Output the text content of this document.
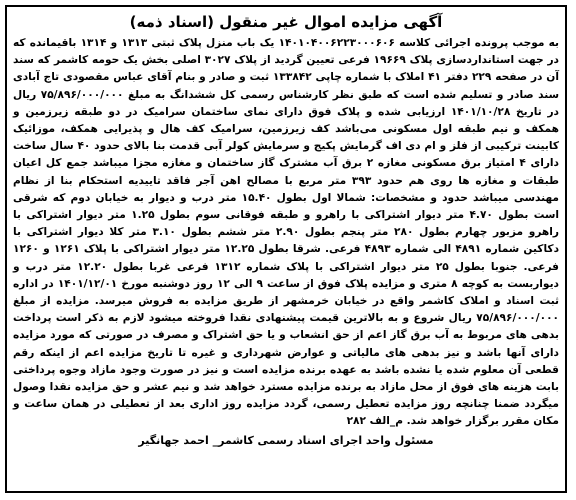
آگهی مزایده اموال غیر منقول (اسناد ذمه)

به موجب پرونده اجرائی کلاسه ۱۴۰۱۰۴۰۰۶۲۲۳۰۰۰۶۰۶ یک باب منزل پلاک ثبتی ۱۳۱۳ و ۱۳۱۴ باقیمانده که در جهت استانداردسازی پلاک ۱۹۶۶۹ فرعی تعیین گردید از پلاک ۳۰۲۷ اصلی بخش یک حومه کاشمر که سند آن در صفحه ۲۲۹ دفتر ۴۱ املاک با شماره چاپی ۱۳۳۸۴۲ ثبت و صادر و بنام آقای عباس مقصودی تاج آبادی سند صادر و تسلیم شده است که طبق نظر کارشناس رسمی کل ششدانگ به مبلغ ۷۵/۸۹۶/۰۰۰/۰۰۰ ریال در تاریخ ۱۴۰۱/۱۰/۲۸ ارزیابی شده و پلاک فوق دارای نمای ساختمان سرامیک در دو طبقه زیرزمین و همکف و نیم طبقه اول مسکونی می‌باشد کف زیرزمین، سرامیک کف هال و پذیرایی همکف، موزائیک کابینت ترکیبی از فلز و ام دی اف گرمایش پکیج و سرمایش کولر آبی قدمت بنا بالای حدود ۴۰ سال ساخت دارای ۴ امتیاز برق مسکونی مغازه ۲ برق آب مشترک گاز ساختمان و مغازه مجزا میباشد جمع کل اعیان طبقات و مغازه ها روی هم حدود ۳۹۳ متر مربع با مصالح اهن آجر فاقد تاییدیه استحکام بنا از نظام مهندسی میباشد حدود و مشخصات: شمالا اول بطول ۱۵.۴۰ متر درب و دیوار به خیابان دوم که شرقی است بطول ۴.۷۰ متر دیوار اشتراکی با راهرو و طبقه فوقانی سوم بطول ۱.۲۵ متر دیوار اشتراکی با راهرو مزبور چهارم بطول ۲۸۰ متر پنجم بطول ۲.۹۰ متر ششم بطول ۳.۱۰ متر کلا دیوار اشتراکی با دکاکین شماره ۴۸۹۱ الی شماره ۴۸۹۳ فرعی. شرقا بطول ۱۲.۲۵ متر دیوار اشتراکی با پلاک ۱۲۶۱ و ۱۲۶۰ فرعی. جنوبا بطول ۲۵ متر دیوار اشتراکی با پلاک شماره ۱۳۱۲ فرعی غربا بطول ۱۲.۲۰ متر درب و دیواربست به کوچه ۸ متری و مزایده پلاک فوق از ساعت ۹ الی ۱۲ روز دوشنبه مورخ ۱۴۰۱/۱۲/۰۱ در اداره ثبت اسناد و املاک کاشمر واقع در خیابان خرمشهر از طریق مزایده به فروش میرسد. مزایده از مبلغ ۷۵/۸۹۶/۰۰۰/۰۰۰ ریال شروع و به بالاترین قیمت پیشنهادی نقدا فروخته میشود لازم به ذکر است پرداخت بدهی های مربوط به آب برق گاز اعم از حق انشعاب و یا حق اشتراک و مصرف در صورتی که مورد مزایده دارای آنها باشد و نیز بدهی های مالیاتی و عوارض شهرداری و غیره تا تاریخ مزایده اعم از اینکه رقم قطعی آن معلوم شده یا نشده باشد به عهده برنده مزایده است و نیز در صورت وجود مازاد وجوه پرداختی بابت هزینه های فوق از محل مازاد به برنده مزایده مسترد خواهد شد و نیم عشر و حق مزایده نقدا وصول میگردد ضمنا چنانچه روز مزایده تعطیل رسمی، گردد مزایده روز اداری بعد از تعطیلی در همان ساعت و مکان مقرر برگزار خواهد شد. م_الف ۲۸۲

مسئول واحد اجرای اسناد رسمی کاشمر_ احمد جهانگیر
